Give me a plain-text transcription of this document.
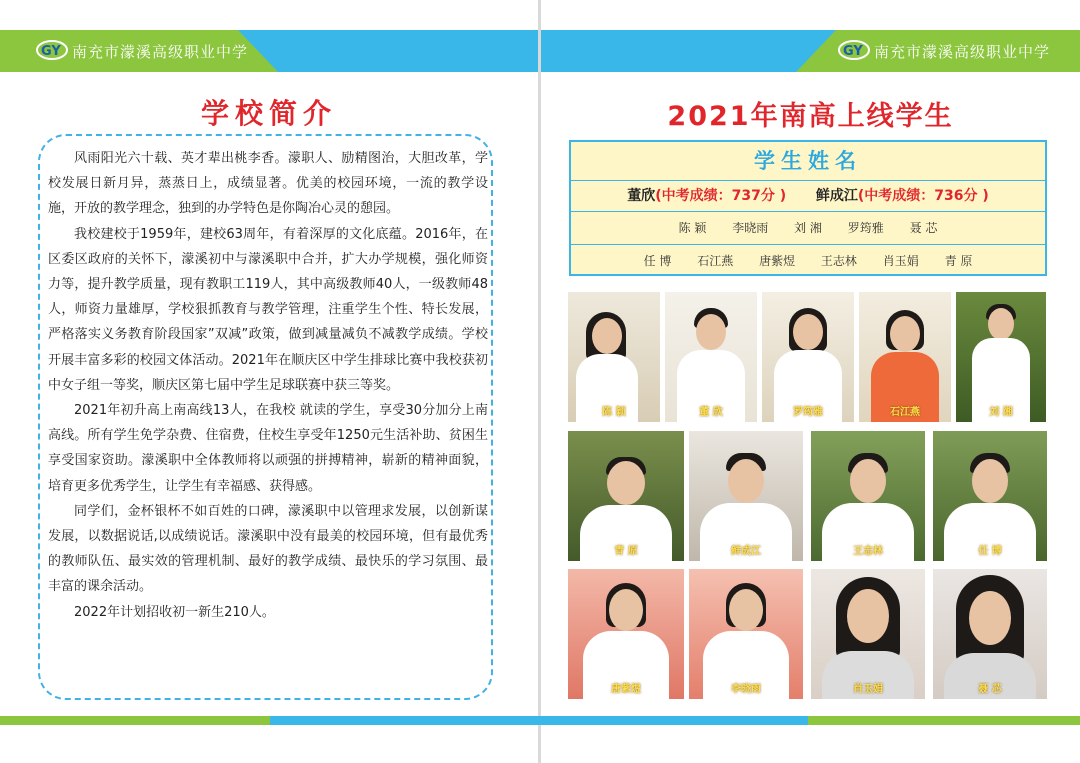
GY 南充市濛溪高级职业中学	GY 南充市濛溪高级职业中学
学校简介

风雨阳光六十载、英才辈出桃李香。濛职人、励精图治，大胆改革，学校发展日新月异，蒸蒸日上，成绩显著。优美的校园环境，一流的教学设施，开放的教学理念，独到的办学特色是你陶冶心灵的憩园。

我校建校于1959年，建校63周年，有着深厚的文化底蕴。2016年，在区委区政府的关怀下，濛溪初中与濛溪职中合并，扩大办学规模，强化师资力等，提升教学质量，现有教职工119人，其中高级教师40人，一级教师48人，师资力量雄厚，学校狠抓教育与教学管理，注重学生个性、特长发展，严格落实义务教育阶段国家”双减”政策，做到减量减负不减教学成绩。学校开展丰富多彩的校园文体活动。2021年在顺庆区中学生排球比赛中我校获初中女子组一等奖，顺庆区第七届中学生足球联赛中获三等奖。

2021年初升高上南高线13人，在我校 就读的学生，享受30分加分上南高线。所有学生免学杂费、住宿费，住校生享受年1250元生活补助、贫困生享受国家资助。濛溪职中全体教师将以顽强的拼搏精神，崭新的精神面貌，培育更多优秀学生，让学生有幸福感、获得感。

同学们，金杯银杯不如百姓的口碑，濛溪职中以管理求发展，以创新谋发展，以数据说话,以成绩说话。濛溪职中没有最美的校园环境，但有最优秀的教师队伍、最实效的管理机制、最好的教学成绩、最快乐的学习氛围、最丰富的课余活动。

2022年计划招收初一新生210人。

2021年南高上线学生
学生姓名
董欣(中考成绩：737分 ) 鲜成江(中考成绩：736分 )
陈 颖 李晓雨 刘 湘 罗筠雅 聂 芯
任 博 石江燕 唐紫煜 王志林 肖玉娟 青 原
陈 颖	董 欣	罗筠雅	石江燕	刘 湘
青 原	鲜成江	王志林	任 博
唐紫煜	李晓雨	肖玉娟	聂 芯
